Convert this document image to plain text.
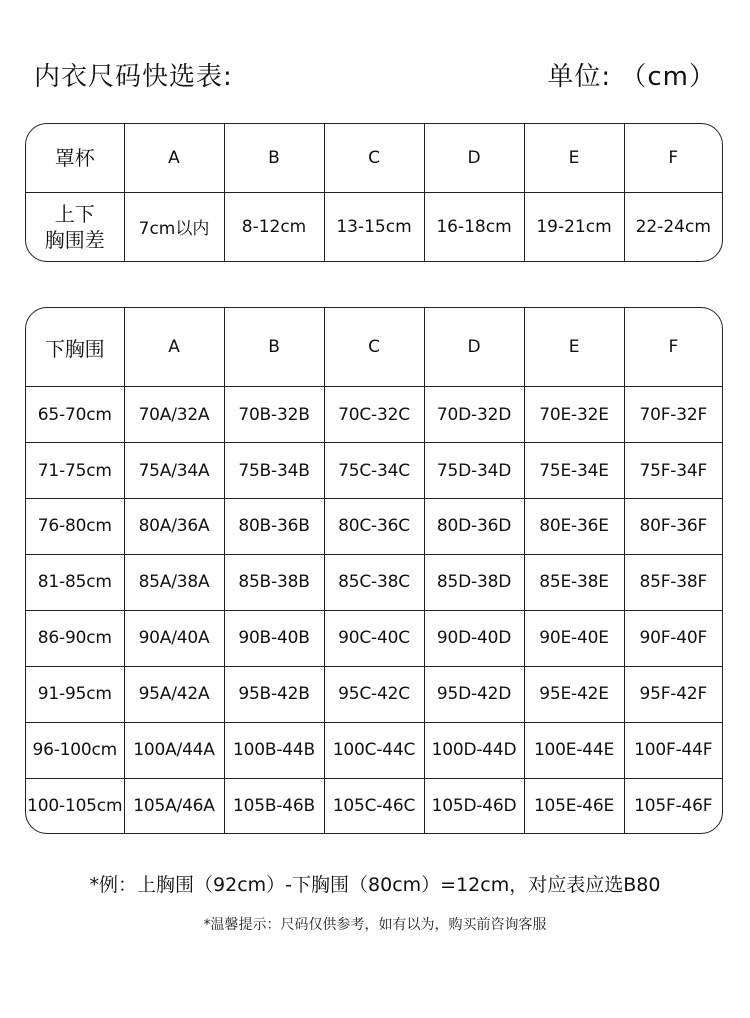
内衣尺码快选表:	单位: （cm）
罩杯	A	B	C	D	E	F

上下
胸围差	7cm以内	8-12cm	13-15cm	16-18cm	19-21cm	22-24cm
下胸围	A	B	C	D	E	F
65-70cm	70A/32A	70B-32B	70C-32C	70D-32D	70E-32E	70F-32F
71-75cm	75A/34A	75B-34B	75C-34C	75D-34D	75E-34E	75F-34F
76-80cm	80A/36A	80B-36B	80C-36C	80D-36D	80E-36E	80F-36F
81-85cm	85A/38A	85B-38B	85C-38C	85D-38D	85E-38E	85F-38F
86-90cm	90A/40A	90B-40B	90C-40C	90D-40D	90E-40E	90F-40F
91-95cm	95A/42A	95B-42B	95C-42C	95D-42D	95E-42E	95F-42F
96-100cm	100A/44A	100B-44B	100C-44C	100D-44D	100E-44E	100F-44F
100-105cm	105A/46A	105B-46B	105C-46C	105D-46D	105E-46E	105F-46F
*例：上胸围（92cm）-下胸围（80cm）=12cm，对应表应选B80
*温馨提示：尺码仅供参考，如有以为，购买前咨询客服
